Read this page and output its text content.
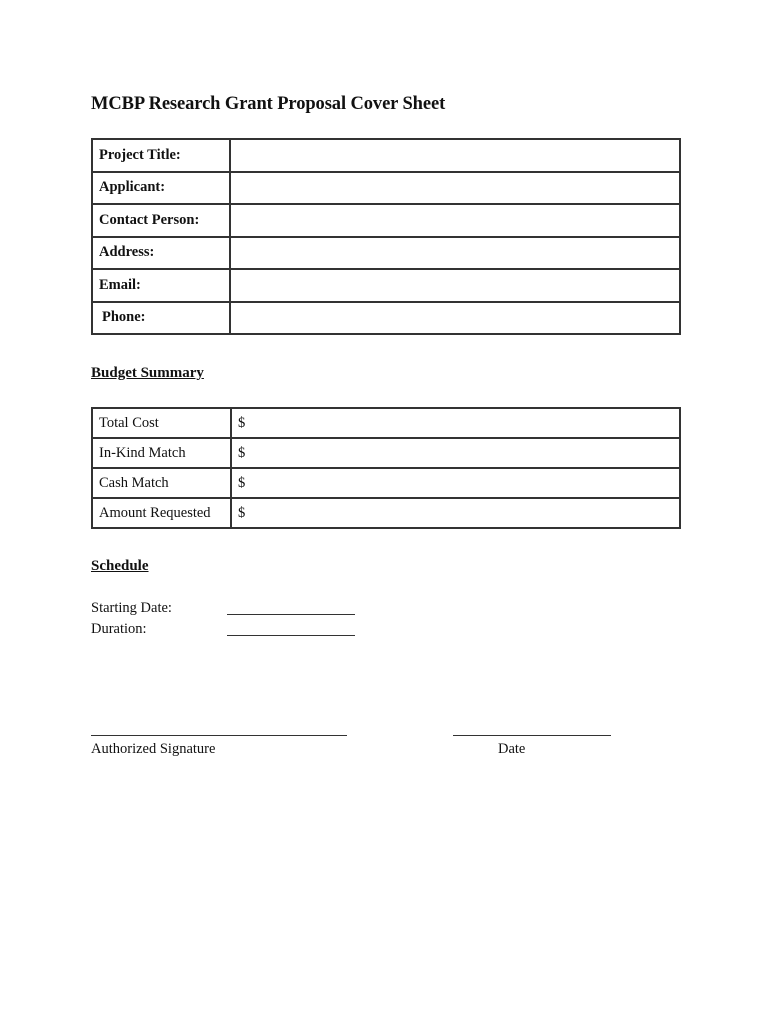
MCBP Research Grant Proposal Cover Sheet
Project Title:	
Applicant:	
Contact Person:	
Address:	
Email:	
Phone:	
Budget Summary
Total Cost	$
In-Kind Match	$
Cash Match	$
Amount Requested	$
Schedule
Starting Date:
Duration:
Authorized Signature	Date
